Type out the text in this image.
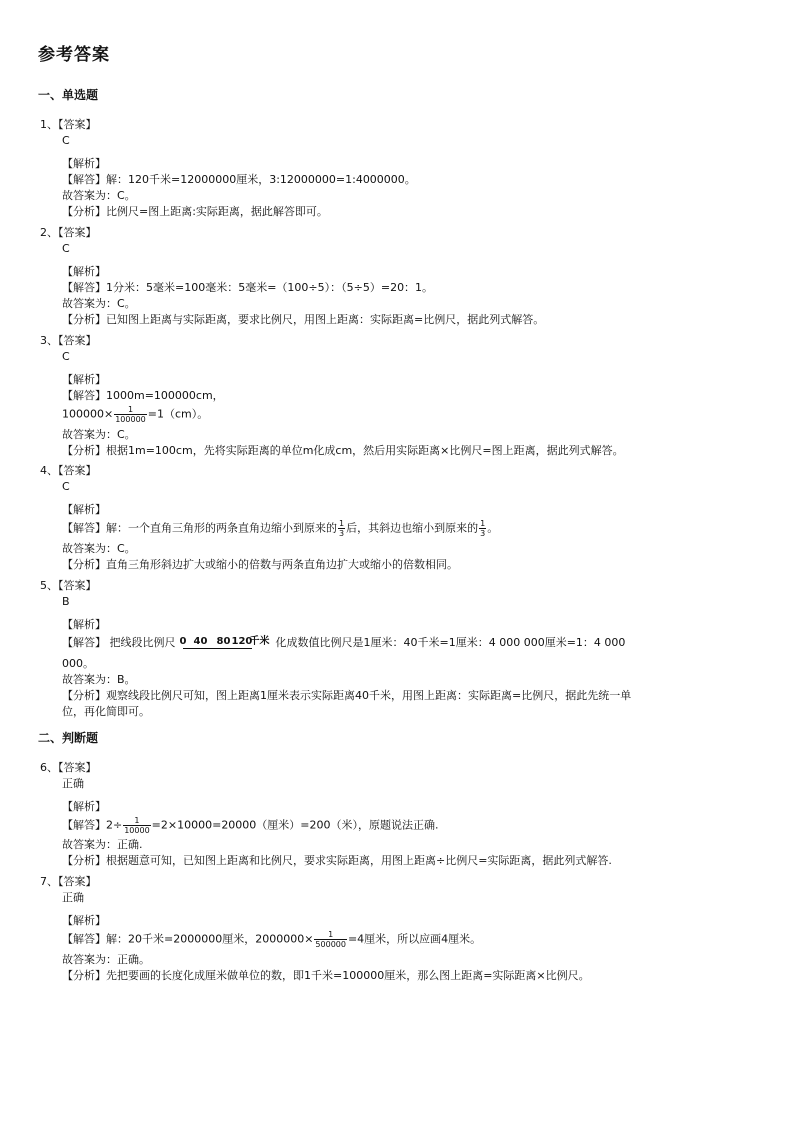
参考答案
一、单选题
1、【答案】
C
【解析】
【解答】解：120千米=12000000厘米，3:12000000=1:4000000。
故答案为：C。
【分析】比例尺=图上距离:实际距离，据此解答即可。
2、【答案】
C
【解析】
【解答】1分米：5毫米=100毫米：5毫米=（100÷5）：（5÷5）=20：1。
故答案为：C。
【分析】已知图上距离与实际距离，要求比例尺，用图上距离：实际距离=比例尺，据此列式解答。
3、【答案】
C
【解析】
【解答】1000m=100000cm，
$100000\times \frac{1}{100000} =1(cm)$。
故答案为：C。
【分析】根据1m=100cm，先将实际距离的单位m化成cm，然后用实际距离×比例尺=图上距离，据此列式解答。
4、【答案】
C
【解析】
【解答】解：一个直角三角形的两条直角边缩小到原来的 $\frac{1}{3}$ 后，其斜边也缩小到原来的 $\frac{1}{3}$ 。
故答案为：C。
【分析】直角三角形斜边扩大或缩小的倍数与两条直角边扩大或缩小的倍数相同。
5、【答案】
B
【解析】
【解答】 把线段比例尺 0 40 80 120
千米 化成数值比例尺是1厘米：40千米=1厘米：4 000 000厘米=1：4 000
000。
故答案为：B。
【分析】观察线段比例尺可知，图上距离1厘米表示实际距离40千米，用图上距离：实际距离=比例尺，据此先统一单
位，再化简即可。
二、判断题
6、【答案】
正确
【解析】
【解答】$2\div \frac{1}{10000} =2\times 10000=20000$（厘米）=200（米），原题说法正确.
故答案为：正确.
【分析】根据题意可知，已知图上距离和比例尺，要求实际距离，用图上距离÷比例尺=实际距离，据此列式解答.
7、【答案】
正确
【解析】
【解答】解：20千米=2000000厘米，$2000000\times \frac{1}{500000} =4$厘米，所以应画4厘米。
故答案为：正确。
【分析】先把要画的长度化成厘米做单位的数，即1千米=100000厘米，那么图上距离=实际距离×比例尺。
